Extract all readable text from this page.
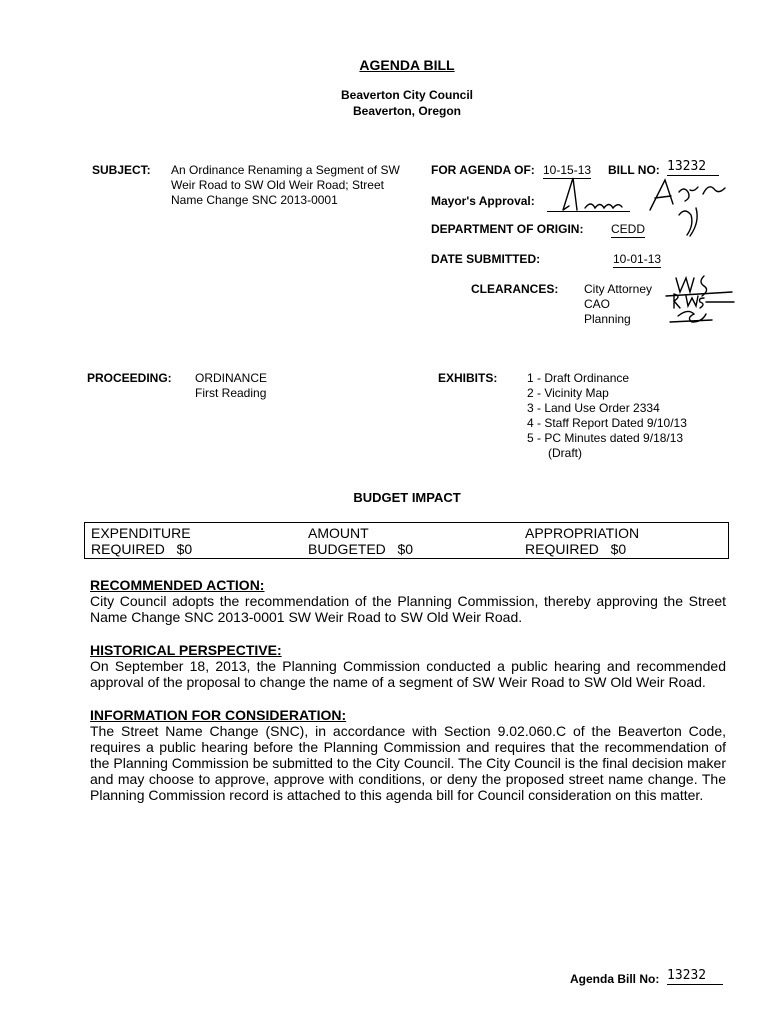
AGENDA BILL
Beaverton City Council
Beaverton, Oregon
SUBJECT: An Ordinance Renaming a Segment of SW
Weir Road to SW Old Weir Road; Street
Name Change SNC 2013-0001
FOR AGENDA OF: 10-15-13 BILL NO: 13232
Mayor's Approval:
DEPARTMENT OF ORIGIN: CEDD
DATE SUBMITTED:	10-01-13
CLEARANCES: City Attorney
CAO
Planning
PROCEEDING: ORDINANCE
First Reading
EXHIBITS: 1 - Draft Ordinance
2 - Vicinity Map
3 - Land Use Order 2334
4 - Staff Report Dated 9/10/13
5 - PC Minutes dated 9/18/13
(Draft)
BUDGET IMPACT
EXPENDITURE
REQUIRED   $0
AMOUNT
BUDGETED   $0
APPROPRIATION
REQUIRED   $0
RECOMMENDED ACTION:
City Council adopts the recommendation of the Planning Commission, thereby approving the Street Name Change SNC 2013-0001 SW Weir Road to SW Old Weir Road.
HISTORICAL PERSPECTIVE:
On September 18, 2013, the Planning Commission conducted a public hearing and recommended approval of the proposal to change the name of a segment of SW Weir Road to SW Old Weir Road.
INFORMATION FOR CONSIDERATION:
The Street Name Change (SNC), in accordance with Section 9.02.060.C of the Beaverton Code, requires a public hearing before the Planning Commission and requires that the recommendation of the Planning Commission be submitted to the City Council. The City Council is the final decision maker and may choose to approve, approve with conditions, or deny the proposed street name change. The Planning Commission record is attached to this agenda bill for Council consideration on this matter.
Agenda Bill No: 13232
